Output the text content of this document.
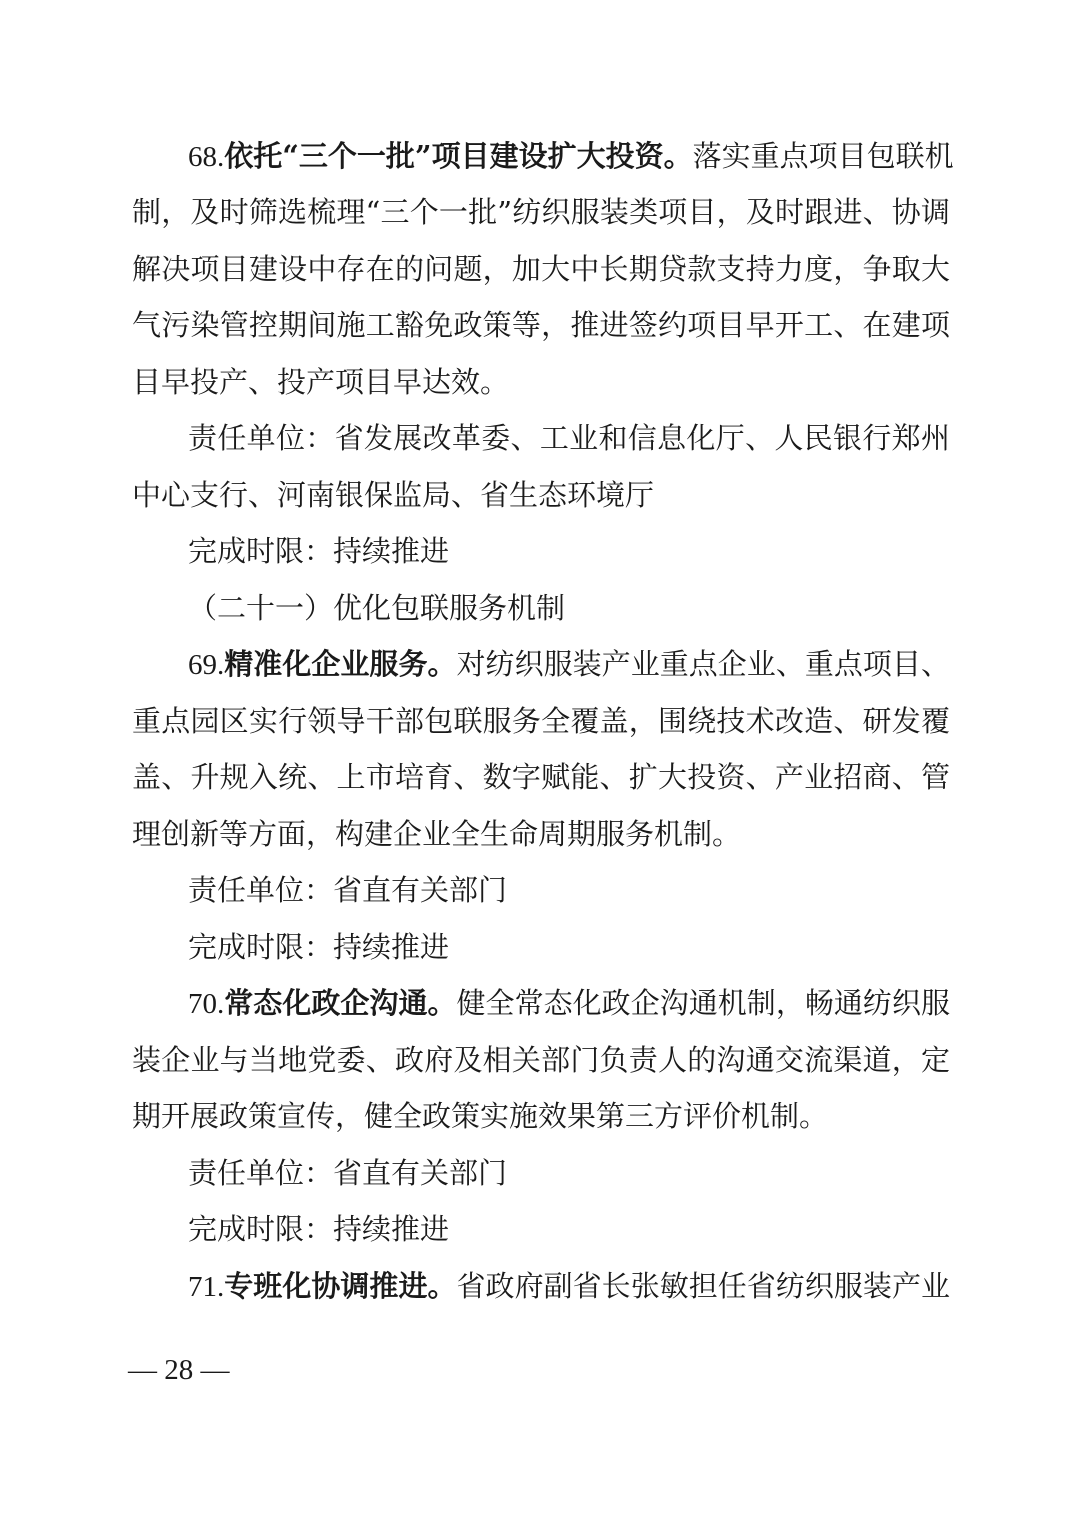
68.依托“三个一批”项目建设扩大投资。落实重点项目包联机
制，及时筛选梳理“三个一批”纺织服装类项目，及时跟进、协调
解决项目建设中存在的问题，加大中长期贷款支持力度，争取大
气污染管控期间施工豁免政策等，推进签约项目早开工、在建项
目早投产、投产项目早达效。
责任单位：省发展改革委、工业和信息化厅、人民银行郑州
中心支行、河南银保监局、省生态环境厅
完成时限：持续推进
（二十一）优化包联服务机制
69.精准化企业服务。对纺织服装产业重点企业、重点项目、
重点园区实行领导干部包联服务全覆盖，围绕技术改造、研发覆
盖、升规入统、上市培育、数字赋能、扩大投资、产业招商、管
理创新等方面，构建企业全生命周期服务机制。
责任单位：省直有关部门
完成时限：持续推进
70.常态化政企沟通。健全常态化政企沟通机制，畅通纺织服
装企业与当地党委、政府及相关部门负责人的沟通交流渠道，定
期开展政策宣传，健全政策实施效果第三方评价机制。
责任单位：省直有关部门
完成时限：持续推进
71.专班化协调推进。省政府副省长张敏担任省纺织服装产业
— 28 —
